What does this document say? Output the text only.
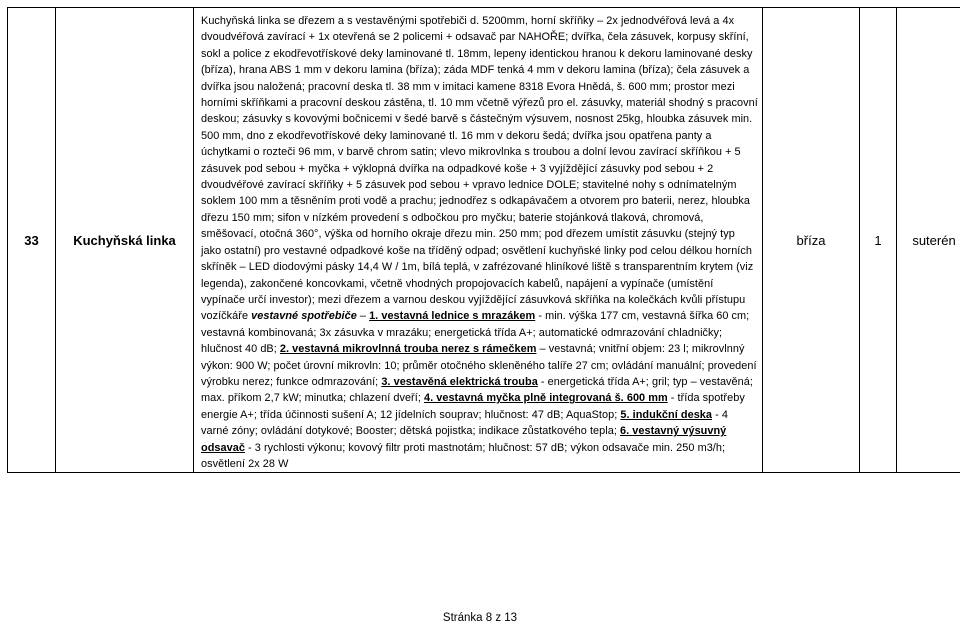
33	Kuchyňská linka	Kuchyňská linka se dřezem a s vestavěnými spotřebiči d. 5200mm, horní skříňky – 2x jednodvéřová levá a 4x dvoudvéřová zavírací + 1x otevřená se 2 policemi + odsavač par NAHOŘE; dvířka, čela zásuvek, korpusy skříní, sokl a police z ekodřevotřískové deky laminované tl. 18mm, lepeny identickou hranou k dekoru laminované desky (bříza), hrana ABS 1 mm v dekoru lamina (bříza); záda MDF tenká 4 mm v dekoru lamina (bříza); čela zásuvek a dvířka jsou naložená; pracovní deska tl. 38 mm v imitaci kamene 8318 Evora Hnědá, š. 600 mm; prostor mezi horními skříňkami a pracovní deskou zástěna, tl. 10 mm včetně výřezů pro el. zásuvky, materiál shodný s pracovní deskou; zásuvky s kovovými bočnicemi v šedé barvě s částečným výsuvem, nosnost 25kg, hloubka zásuvek min. 500 mm, dno z ekodřevotřískové deky laminované tl. 16 mm v dekoru šedá; dvířka jsou opatřena panty a úchytkami o rozteči 96 mm, v barvě chrom satin; vlevo mikrovlnka s troubou a dolní levou zavírací skříňkou + 5 zásuvek pod sebou + myčka + výklopná dvířka na odpadkové koše + 3 vyjíždějící zásuvky pod sebou + 2 dvoudvéřové zavírací skříňky + 5 zásuvek pod sebou + vpravo lednice DOLE; stavitelné nohy s odnímatelným soklem 100 mm a těsněním proti vodě a prachu; jednodřez s odkapávačem a otvorem pro baterii, nerez, hloubka dřezu 150 mm; sifon v nízkém provedení s odbočkou pro myčku; baterie stojánková tlaková, chromová, směšovací, otočná 360°, výška od horního okraje dřezu min. 250 mm; pod dřezem umístit zásuvku (stejný typ jako ostatní) pro vestavné odpadkové koše na tříděný odpad; osvětlení kuchyňské linky pod celou délkou horních skříněk – LED diodovými pásky 14,4 W / 1m, bílá teplá, v zafrézované hliníkové liště s transparentním krytem (viz legenda), zakončené koncovkami, včetně vhodných propojovacích kabelů, napájení a vypínače (umístění vypínače určí investor); mezi dřezem a varnou deskou vyjíždějící zásuvková skříňka na kolečkách kvůli přístupu vozíčkáře vestavné spotřebiče – 1. vestavná lednice s mrazákem - min. výška 177 cm, vestavná šířka 60 cm; vestavná kombinovaná; 3x zásuvka v mrazáku; energetická třída A+; automatické odmrazování chladničky; hlučnost 40 dB; 2. vestavná mikrovlnná trouba nerez s rámečkem – vestavná; vnitřní objem: 23 l; mikrovlnný výkon: 900 W; počet úrovní mikrovln: 10; průměr otočného skleněného talíře 27 cm; ovládání manuální; provedení výrobku nerez; funkce odmrazování; 3. vestavěná elektrická trouba - energetická třída A+; gril; typ – vestavěná; max. příkom 2,7 kW; minutka; chlazení dveří; 4. vestavná myčka plně integrovaná š. 600 mm - třída spotřeby energie A+; třída účinnosti sušení A; 12 jídelních souprav; hlučnost: 47 dB; AquaStop; 5. indukční deska - 4 varné zóny; ovládání dotykové; Booster; dětská pojistka; indikace zůstatkového tepla; 6. vestavný výsuvný odsavač - 3 rychlosti výkonu; kovový filtr proti mastnotám; hlučnost: 57 dB; výkon odsavače min. 250 m3/h; osvětlení 2x 28 W	bříza	1	suterén
Stránka 8 z 13
